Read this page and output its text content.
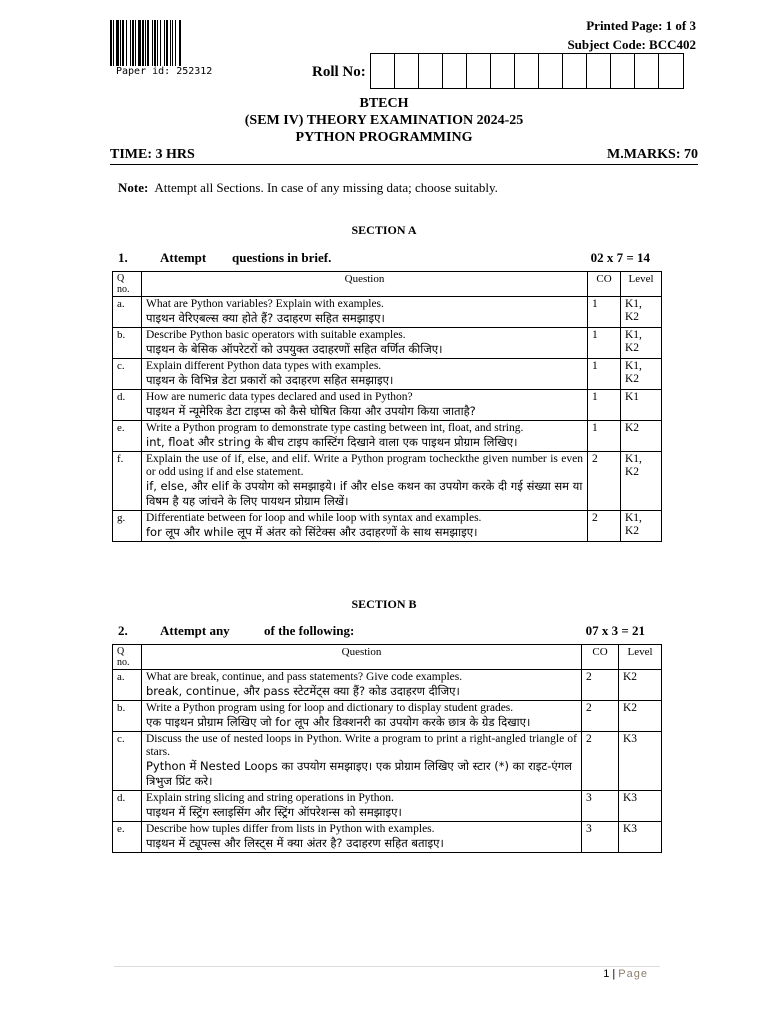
Paper id: 252312
Printed Page: 1 of 3
Subject Code: BCC402
Roll No:
BTECH
(SEM IV) THEORY EXAMINATION 2024-25
PYTHON PROGRAMMING
TIME: 3 HRS	M.MARKS: 70
Note: Attempt all Sections. In case of any missing data; choose suitably.
SECTION A
1.	Attempt	questions in brief.	02 x 7 = 14
Q no.	Question	CO	Level
a.	What are Python variables? Explain with examples.
पाइथन वेरिएबल्स क्या होते हैं? उदाहरण सहित समझाइए।	1	K1, K2
b.	Describe Python basic operators with suitable examples.
पाइथन के बेसिक ऑपरेटरों को उपयुक्त उदाहरणों सहित वर्णित कीजिए।	1	K1, K2
c.	Explain different Python data types with examples.
पाइथन के विभिन्न डेटा प्रकारों को उदाहरण सहित समझाइए।	1	K1, K2
d.	How are numeric data types declared and used in Python?
पाइथन में न्यूमेरिक डेटा टाइप्स को कैसे घोषित किया और उपयोग किया जाताहै?	1	K1
e.	Write a Python program to demonstrate type casting between int, float, and string.
int, float और string के बीच टाइप कास्टिंग दिखाने वाला एक पाइथन प्रोग्राम लिखिए।	1	K2
f.	Explain the use of if, else, and elif. Write a Python program tocheckthe given number is even or odd using if and else statement.
if, else, और elif के उपयोग को समझाइये। if और else कथन का उपयोग करके दी गई संख्या सम या विषम है यह जांचने के लिए पायथन प्रोग्राम लिखें।	2	K1, K2
g.	Differentiate between for loop and while loop with syntax and examples.
for लूप और while लूप में अंतर को सिंटेक्स और उदाहरणों के साथ समझाइए।	2	K1, K2
SECTION B
2.	Attempt any	of the following:	07 x 3 = 21
Q no.	Question	CO	Level
a.	What are break, continue, and pass statements? Give code examples.
break, continue, और pass स्टेटमेंट्स क्या हैं? कोड उदाहरण दीजिए।	2	K2
b.	Write a Python program using for loop and dictionary to display student grades.
एक पाइथन प्रोग्राम लिखिए जो for लूप और डिक्शनरी का उपयोग करके छात्र के ग्रेड दिखाए।	2	K2
c.	Discuss the use of nested loops in Python. Write a program to print a right-angled triangle of stars.
Python में Nested Loops का उपयोग समझाइए। एक प्रोग्राम लिखिए जो स्टार (*) का राइट-एंगल त्रिभुज प्रिंट करे।	2	K3
d.	Explain string slicing and string operations in Python.
पाइथन में स्ट्रिंग स्लाइसिंग और स्ट्रिंग ऑपरेशन्स को समझाइए।	3	K3
e.	Describe how tuples differ from lists in Python with examples.
पाइथन में ट्यूपल्स और लिस्ट्स में क्या अंतर है? उदाहरण सहित बताइए।	3	K3
1 | Page
